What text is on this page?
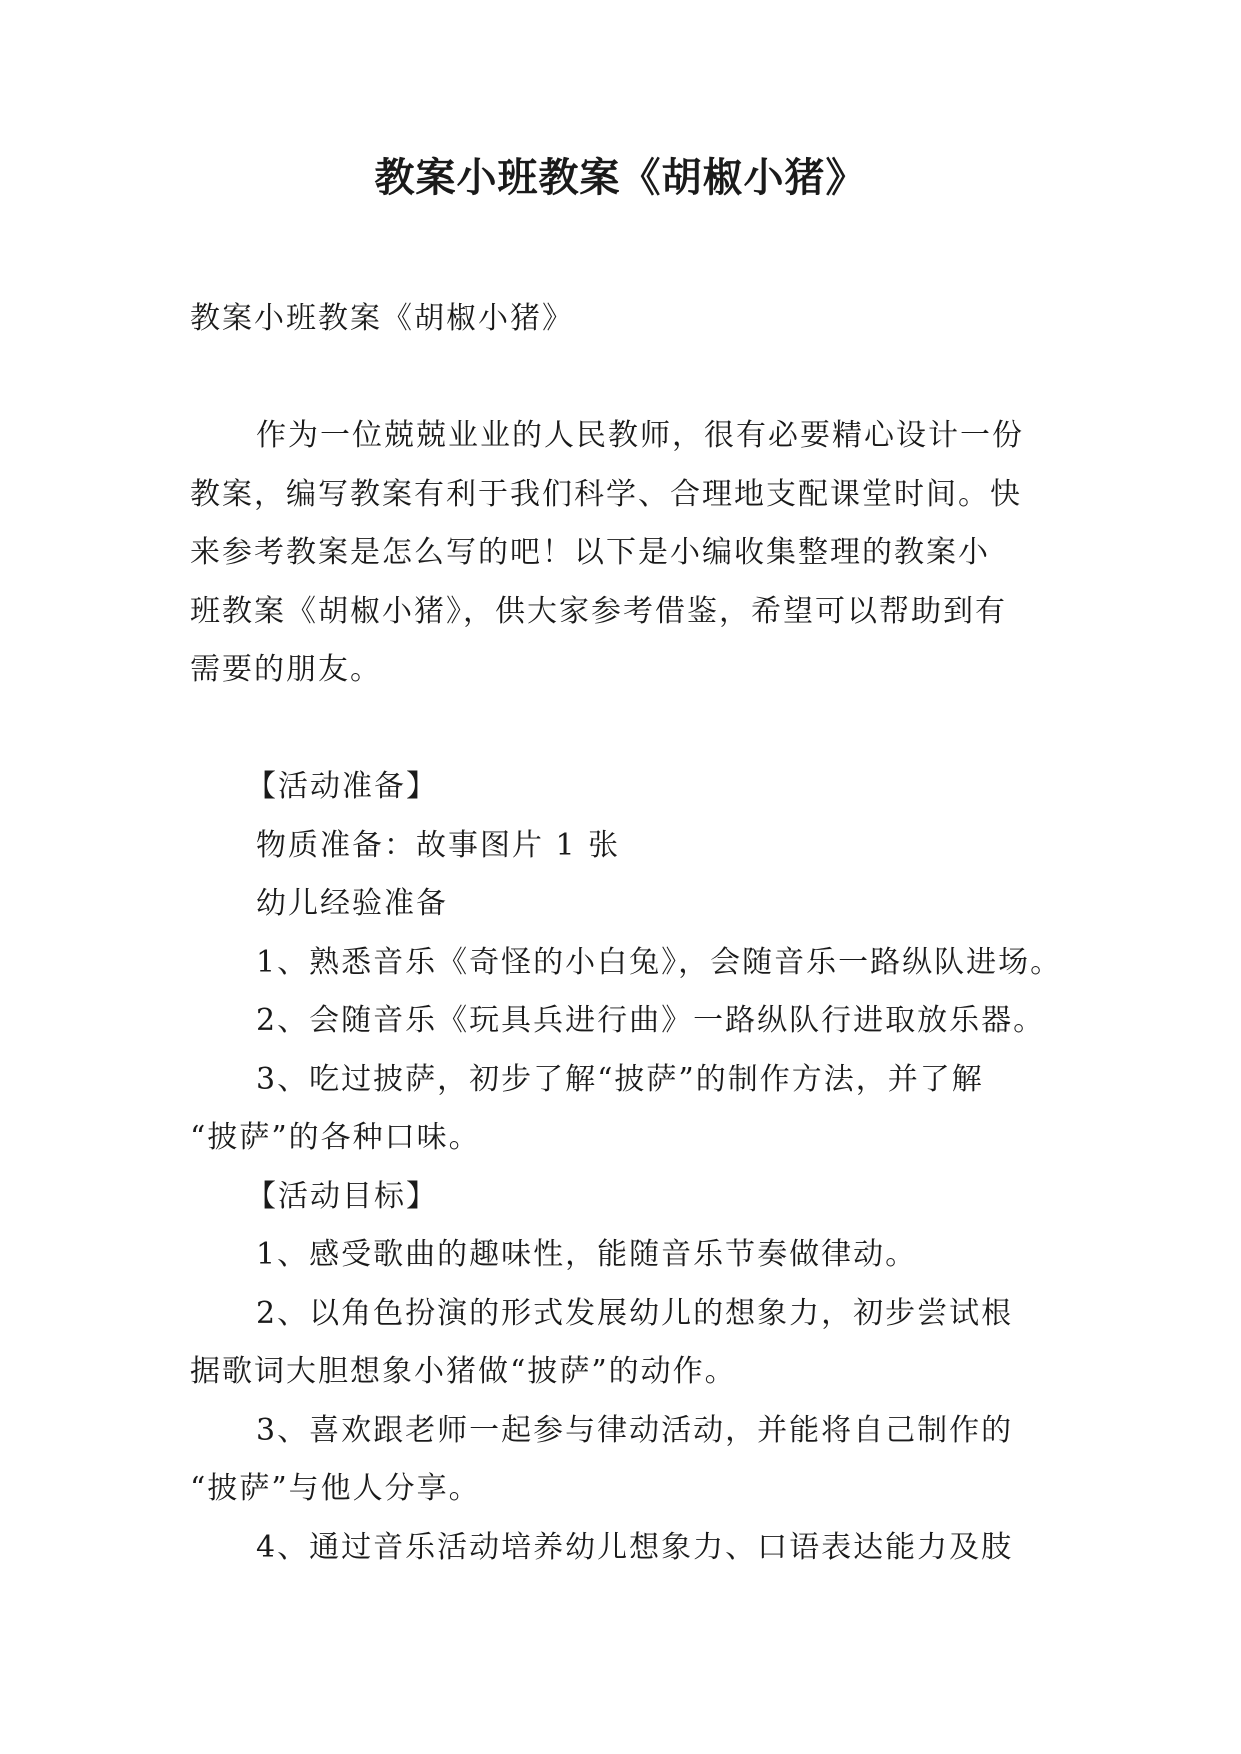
教案小班教案《胡椒小猪》
教案小班教案《胡椒小猪》
作为一位兢兢业业的人民教师，很有必要精心设计一份
教案，编写教案有利于我们科学、合理地支配课堂时间。快
来参考教案是怎么写的吧！以下是小编收集整理的教案小
班教案《胡椒小猪》，供大家参考借鉴，希望可以帮助到有
需要的朋友。
【活动准备】
物质准备：故事图片 1 张
幼儿经验准备
1、熟悉音乐《奇怪的小白兔》，会随音乐一路纵队进场。
2、会随音乐《玩具兵进行曲》一路纵队行进取放乐器。
3、吃过披萨，初步了解“披萨”的制作方法，并了解
“披萨”的各种口味。
【活动目标】
1、感受歌曲的趣味性，能随音乐节奏做律动。
2、以角色扮演的形式发展幼儿的想象力，初步尝试根
据歌词大胆想象小猪做“披萨”的动作。
3、喜欢跟老师一起参与律动活动，并能将自己制作的
“披萨”与他人分享。
4、通过音乐活动培养幼儿想象力、口语表达能力及肢
